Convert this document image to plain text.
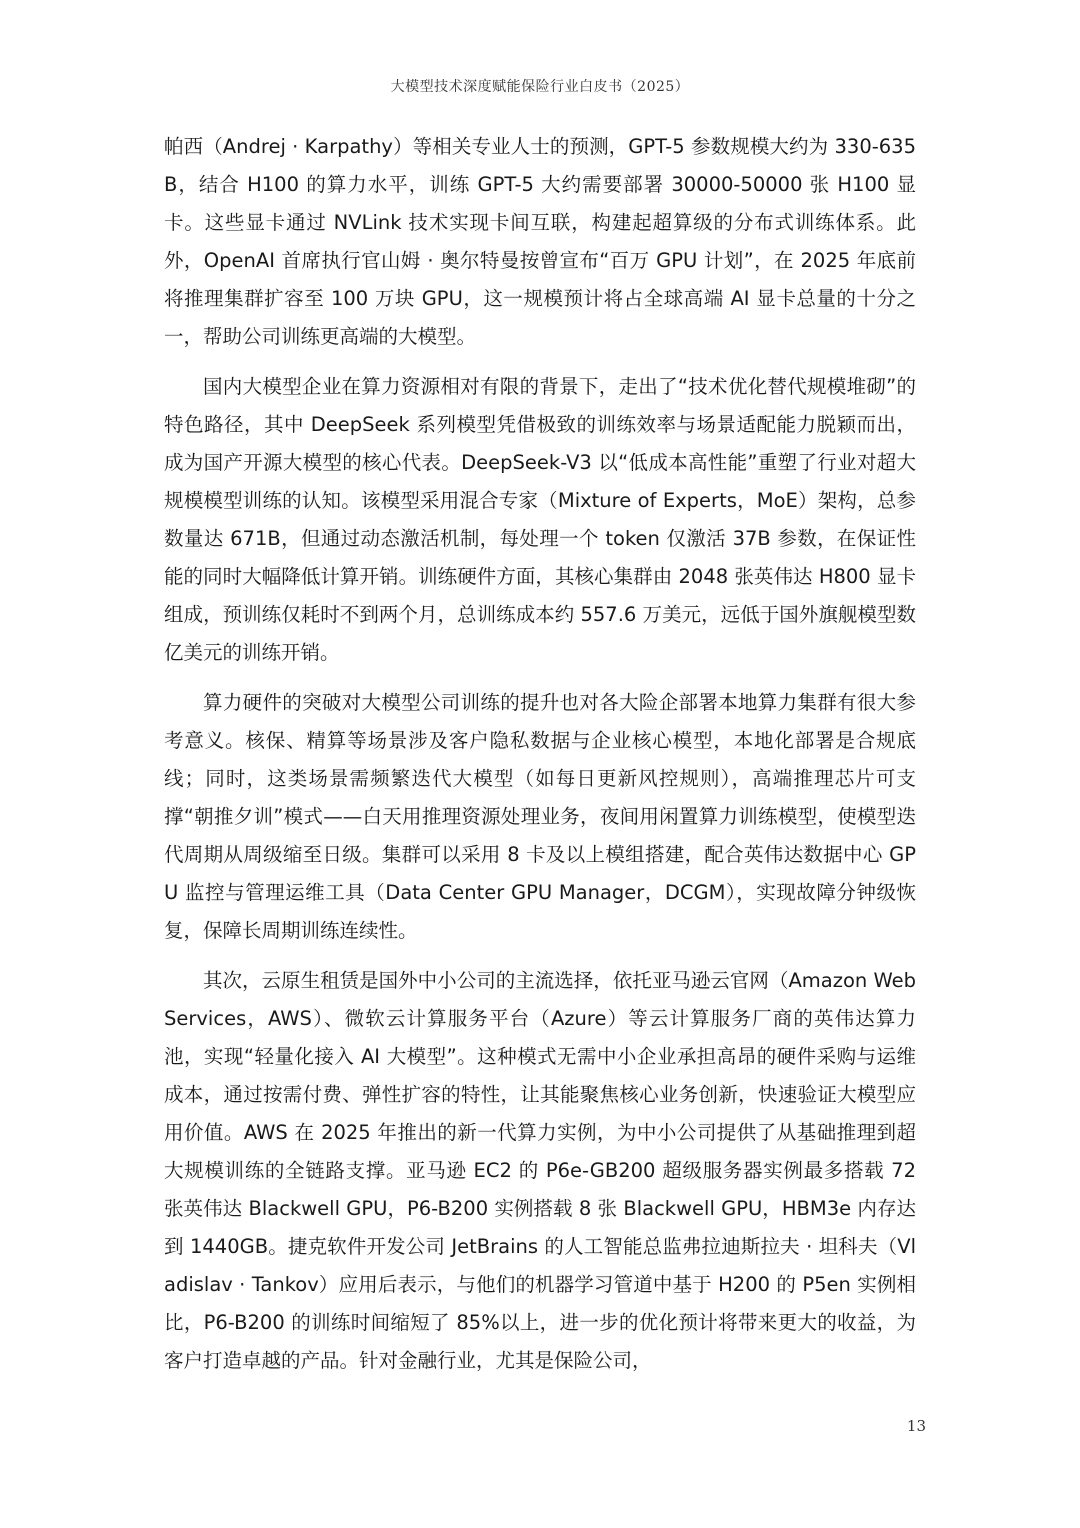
大模型技术深度赋能保险行业白皮书（2025）

帕西（Andrej · Karpathy）等相关专业人士的预测，GPT-5 参数规模大约为 330-635B，结合 H100 的算力水平，训练 GPT-5 大约需要部署 30000-50000 张 H100 显卡。这些显卡通过 NVLink 技术实现卡间互联，构建起超算级的分布式训练体系。此外，OpenAI 首席执行官山姆 · 奥尔特曼按曾宣布“百万 GPU 计划”，在 2025 年底前将推理集群扩容至 100 万块 GPU，这一规模预计将占全球高端 AI 显卡总量的十分之一，帮助公司训练更高端的大模型。

国内大模型企业在算力资源相对有限的背景下，走出了“技术优化替代规模堆砌”的特色路径，其中 DeepSeek 系列模型凭借极致的训练效率与场景适配能力脱颖而出，成为国产开源大模型的核心代表。DeepSeek-V3 以“低成本高性能”重塑了行业对超大规模模型训练的认知。该模型采用混合专家（Mixture of Experts，MoE）架构，总参数量达 671B，但通过动态激活机制，每处理一个 token 仅激活 37B 参数，在保证性能的同时大幅降低计算开销。训练硬件方面，其核心集群由 2048 张英伟达 H800 显卡组成，预训练仅耗时不到两个月，总训练成本约 557.6 万美元，远低于国外旗舰模型数亿美元的训练开销。

算力硬件的突破对大模型公司训练的提升也对各大险企部署本地算力集群有很大参考意义。核保、精算等场景涉及客户隐私数据与企业核心模型，本地化部署是合规底线；同时，这类场景需频繁迭代大模型（如每日更新风控规则），高端推理芯片可支撑“朝推夕训”模式——白天用推理资源处理业务，夜间用闲置算力训练模型，使模型迭代周期从周级缩至日级。集群可以采用 8 卡及以上模组搭建，配合英伟达数据中心 GPU 监控与管理运维工具（Data Center GPU Manager，DCGM），实现故障分钟级恢复，保障长周期训练连续性。

其次，云原生租赁是国外中小公司的主流选择，依托亚马逊云官网（Amazon Web Services，AWS）、微软云计算服务平台（Azure）等云计算服务厂商的英伟达算力池，实现“轻量化接入 AI 大模型”。这种模式无需中小企业承担高昂的硬件采购与运维成本，通过按需付费、弹性扩容的特性，让其能聚焦核心业务创新，快速验证大模型应用价值。AWS 在 2025 年推出的新一代算力实例，为中小公司提供了从基础推理到超大规模训练的全链路支撑。亚马逊 EC2 的 P6e-GB200 超级服务器实例最多搭载 72 张英伟达 Blackwell GPU，P6-B200 实例搭载 8 张 Blackwell GPU，HBM3e 内存达到 1440GB。捷克软件开发公司 JetBrains 的人工智能总监弗拉迪斯拉夫 · 坦科夫（Vladislav · Tankov）应用后表示，与他们的机器学习管道中基于 H200 的 P5en 实例相比，P6-B200 的训练时间缩短了 85%以上，进一步的优化预计将带来更大的收益，为客户打造卓越的产品。针对金融行业，尤其是保险公司，

13
